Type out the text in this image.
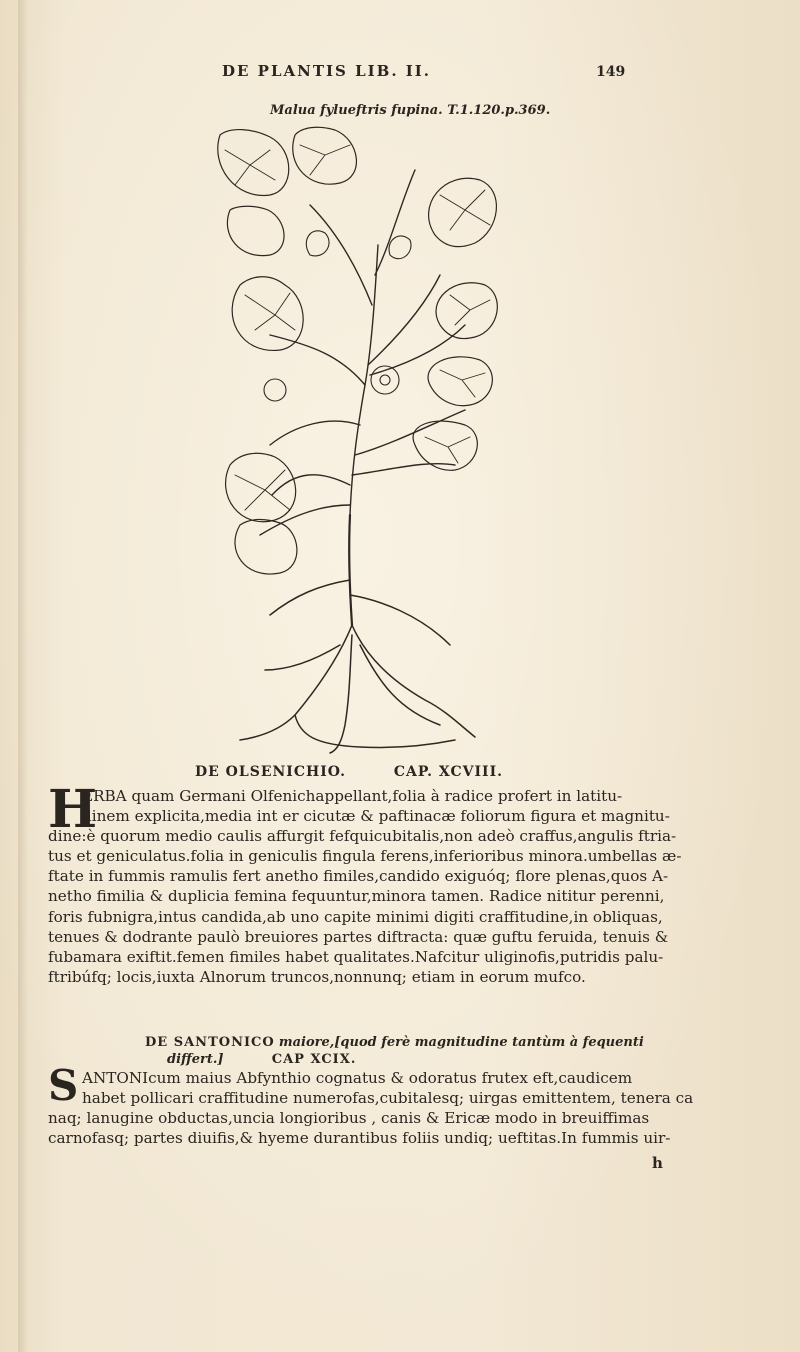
DE PLANTIS LIB. II.	149
Malua fylueftris fupina. T.1.120.p.369.
DE OLSENICHIO.	CAP. XCVIII.
H
ERBA quam Germani Olfenichappellant,folia à radice profert in latitu-
dinem explicita,media int er cicutæ & paftinacæ foliorum figura et magnitu-
dine:è quorum medio caulis affurgit fefquicubitalis,non adeò craffus,angulis ftria-
tus et geniculatus.folia in geniculis fingula ferens,inferioribus minora.umbellas æ-
ftate in fummis ramulis fert anetho fimiles,candido exiguóq; flore plenas,quos A-
netho fimilia & duplicia femina fequuntur,minora tamen. Radice nititur perenni,
foris fubnigra,intus candida,ab uno capite minimi digiti craffitudine,in obliquas,
tenues & dodrante paulò breuiores partes diftracta: quæ guftu feruida, tenuis &
fubamara exiftit.femen fimiles habet qualitates.Nafcitur uliginofis,putridis palu-
ftribúfq; locis,iuxta Alnorum truncos,nonnunq; etiam in eorum mufco.
DE SANTONICO maiore,[quod ferè magnitudine tantùm à fequenti
differt.]	CAP XCIX.
S ANTONIcum maius Abfynthio cognatus & odoratus frutex eft,caudicem
habet pollicari craffitudine numerofas,cubitalesq; uirgas emittentem, tenera ca
naq; lanugine obductas,uncia longioribus , canis & Ericæ modo in breuiffimas
carnofasq; partes diuifis,& hyeme durantibus foliis undiq; ueftitas.In fummis uir-
h
